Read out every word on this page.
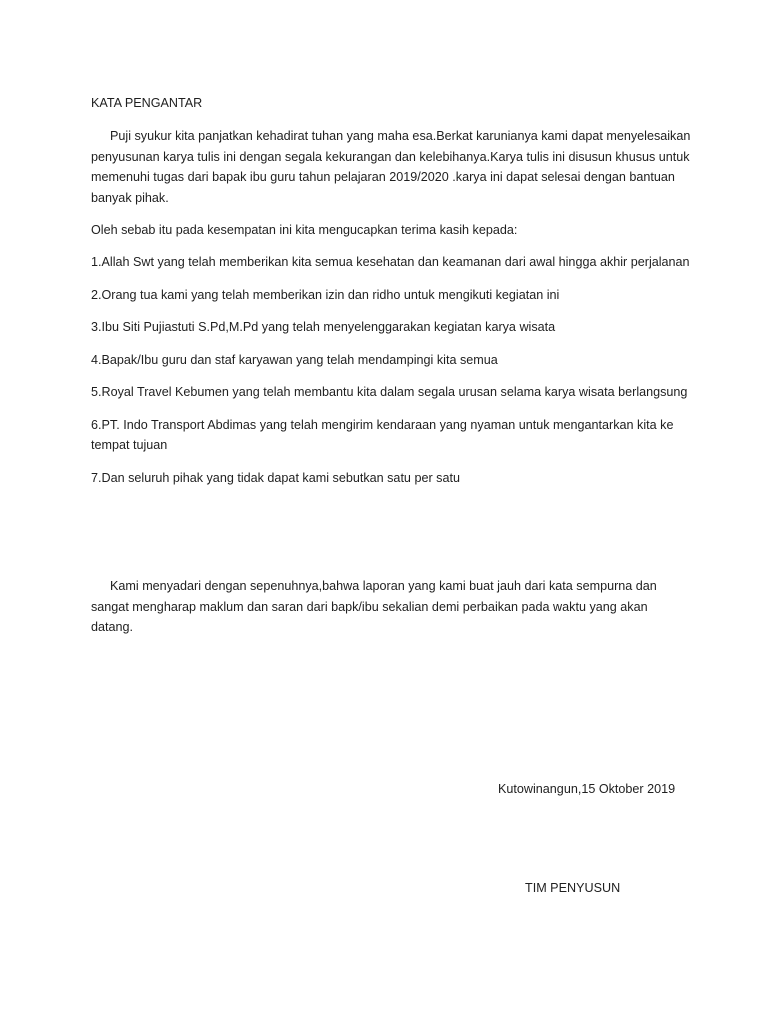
KATA PENGANTAR

Puji syukur kita panjatkan kehadirat tuhan yang maha esa.Berkat karunianya kami dapat menyelesaikan penyusunan karya tulis ini dengan segala kekurangan dan kelebihanya.Karya tulis ini disusun khusus untuk memenuhi tugas dari bapak ibu guru tahun pelajaran 2019/2020 .karya ini dapat selesai dengan bantuan banyak pihak.

Oleh sebab itu pada kesempatan ini kita mengucapkan terima kasih kepada:

1.Allah Swt yang telah memberikan kita semua kesehatan dan keamanan dari awal hingga akhir perjalanan

2.Orang tua kami yang telah memberikan izin dan ridho untuk mengikuti kegiatan ini

3.Ibu Siti Pujiastuti S.Pd,M.Pd yang telah menyelenggarakan kegiatan karya wisata

4.Bapak/Ibu guru dan staf karyawan yang telah mendampingi kita semua

5.Royal Travel Kebumen yang telah membantu kita dalam segala urusan selama karya wisata berlangsung

6.PT. Indo Transport Abdimas yang telah mengirim kendaraan yang nyaman untuk mengantarkan kita ke tempat tujuan

7.Dan seluruh pihak yang tidak dapat kami sebutkan satu per satu

Kami menyadari dengan sepenuhnya,bahwa laporan yang kami buat jauh dari kata sempurna dan sangat mengharap maklum dan saran dari bapk/ibu sekalian demi perbaikan pada waktu yang akan datang.

Kutowinangun,15 Oktober 2019
TIM PENYUSUN
